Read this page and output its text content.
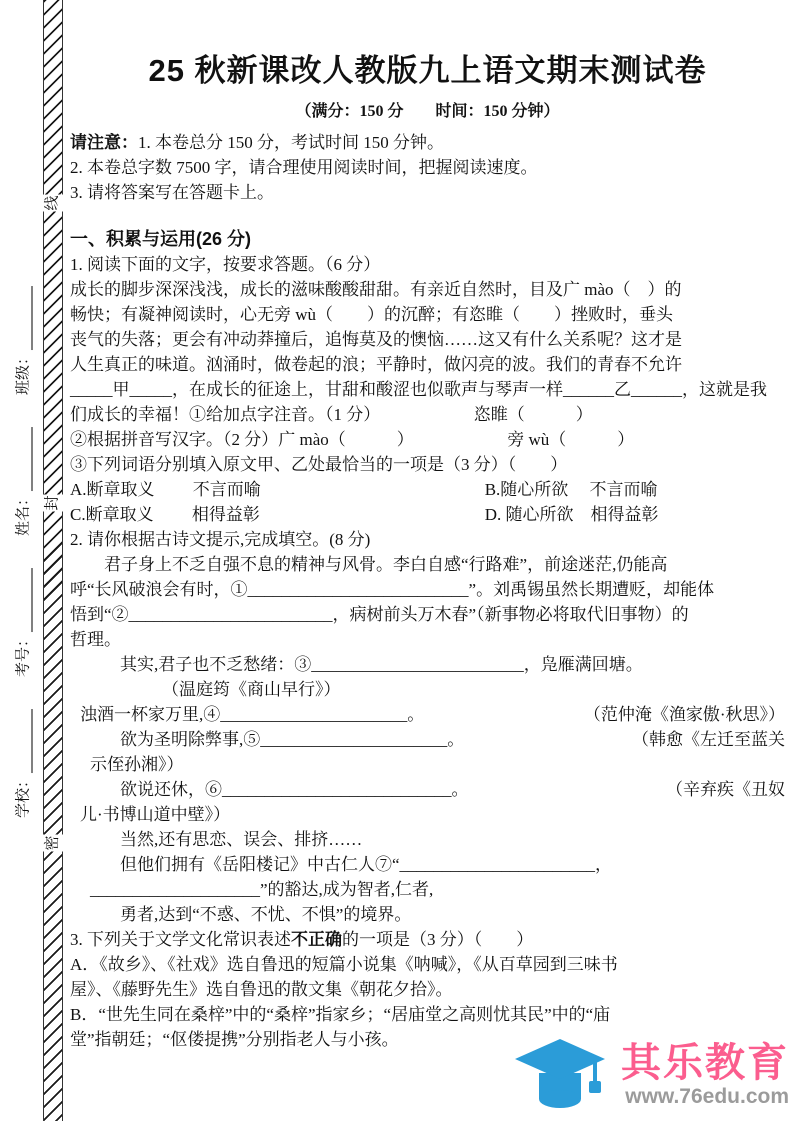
学校：
考号：
姓名：
班级：
线
封
密
25 秋新课改人教版九上语文期末测试卷
（满分：150 分　　时间：150 分钟）

请注意：1. 本卷总分 150 分，考试时间 150 分钟。

2. 本卷总字数 7500 字，请合理使用阅读时间，把握阅读速度。

3. 请将答案写在答题卡上。

一、积累与运用(26 分)

1. 阅读下面的文字，按要求答题。（6 分）

成长的脚步深深浅浅，成长的滋味酸酸甜甜。有亲近自然时，目及广 mào（　）的

畅快；有凝神阅读时，心无旁 wù（　　）的沉醉；有恣睢（　　）挫败时，垂头

丧气的失落；更会有冲动莽撞后，追悔莫及的懊恼……这又有什么关系呢？这才是

人生真正的味道。汹涌时，做卷起的浪；平静时，做闪亮的波。我们的青春不允许

_____甲_____，在成长的征途上，甘甜和酸涩也似歌声与琴声一样______乙______，这就是我

们成长的幸福！①给加点字注音。（1 分）　　　　　　恣睢（　　　）

②根据拼音写汉字。（2 分）广 mào（　　　）　　　　　　旁 wù（　　　）

③下列词语分别填入原文甲、乙处最恰当的一项是（3 分）（　　）

A.断章取义　　 不言而喻	B.随心所欲　 不言而喻
C.断章取义　　 相得益彰	D. 随心所欲　相得益彰

2. 请你根据古诗文提示,完成填空。(8 分)

　　君子身上不乏自强不息的精神与风骨。李白自感“行路难”，前途迷茫,仍能高

呼“长风破浪会有时，①__________________________”。刘禹锡虽然长期遭贬，却能体

悟到“②________________________，病树前头万木春”（新事物必将取代旧事物）的

哲理。

其实,君子也不乏愁绪：③_________________________，凫雁满回塘。

（温庭筠《商山早行》）

浊酒一杯家万里,④______________________。	（范仲淹《渔家傲·秋思》）
欲为圣明除弊事,⑤______________________。	（韩愈《左迁至蓝关

示侄孙湘》）

欲说还休，⑥___________________________。	（辛弃疾《丑奴

儿·书博山道中壁》）

当然,还有思恋、误会、排挤……

但他们拥有《岳阳楼记》中古仁人⑦“_______________________，

____________________”的豁达,成为智者,仁者,

勇者,达到“不惑、不忧、不惧”的境界。

3. 下列关于文学文化常识表述不正确的一项是（3 分）（　　）

A．《故乡》、《社戏》选自鲁迅的短篇小说集《呐喊》，《从百草园到三味书

屋》、《藤野先生》选自鲁迅的散文集《朝花夕拾》。

B．“世先生同在桑梓”中的“桑梓”指家乡；“居庙堂之高则忧其民”中的“庙

堂”指朝廷；“伛偻提携”分别指老人与小孩。

其乐教育
www.76edu.com
